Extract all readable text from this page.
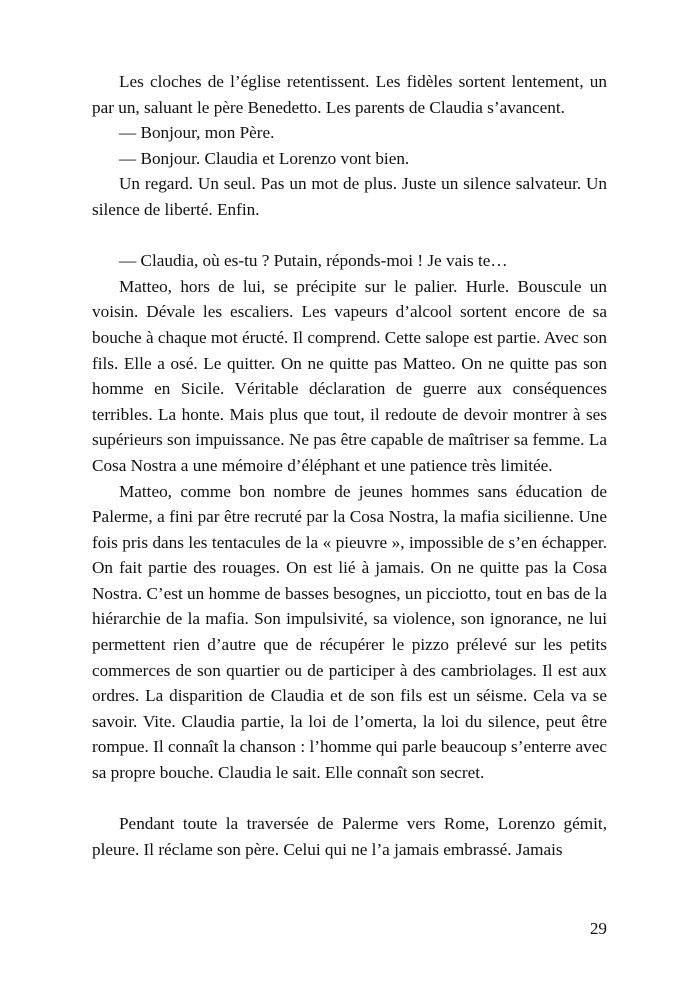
Les cloches de l’église retentissent. Les fidèles sortent lentement, un par un, saluant le père Benedetto. Les parents de Claudia s’avancent.

— Bonjour, mon Père.

— Bonjour. Claudia et Lorenzo vont bien.

Un regard. Un seul. Pas un mot de plus. Juste un silence salvateur. Un silence de liberté. Enfin.

— Claudia, où es-tu ? Putain, réponds-moi ! Je vais te…

Matteo, hors de lui, se précipite sur le palier. Hurle. Bouscule un voisin. Dévale les escaliers. Les vapeurs d’alcool sortent encore de sa bouche à chaque mot éructé. Il comprend. Cette salope est partie. Avec son fils. Elle a osé. Le quitter. On ne quitte pas Matteo. On ne quitte pas son homme en Sicile. Véritable déclaration de guerre aux conséquences terribles. La honte. Mais plus que tout, il redoute de devoir montrer à ses supérieurs son impuissance. Ne pas être capable de maîtriser sa femme. La Cosa Nostra a une mémoire d’éléphant et une patience très limitée.

Matteo, comme bon nombre de jeunes hommes sans éducation de Palerme, a fini par être recruté par la Cosa Nostra, la mafia sicilienne. Une fois pris dans les tentacules de la « pieuvre », impossible de s’en échapper. On fait partie des rouages. On est lié à jamais. On ne quitte pas la Cosa Nostra. C’est un homme de basses besognes, un picciotto, tout en bas de la hiérarchie de la mafia. Son impulsivité, sa violence, son ignorance, ne lui permettent rien d’autre que de récupérer le pizzo prélevé sur les petits commerces de son quartier ou de participer à des cambriolages. Il est aux ordres. La disparition de Claudia et de son fils est un séisme. Cela va se savoir. Vite. Claudia partie, la loi de l’omerta, la loi du silence, peut être rompue. Il connaît la chanson : l’homme qui parle beaucoup s’enterre avec sa propre bouche. Claudia le sait. Elle connaît son secret.

Pendant toute la traversée de Palerme vers Rome, Lorenzo gémit, pleure. Il réclame son père. Celui qui ne l’a jamais embrassé. Jamais

29
